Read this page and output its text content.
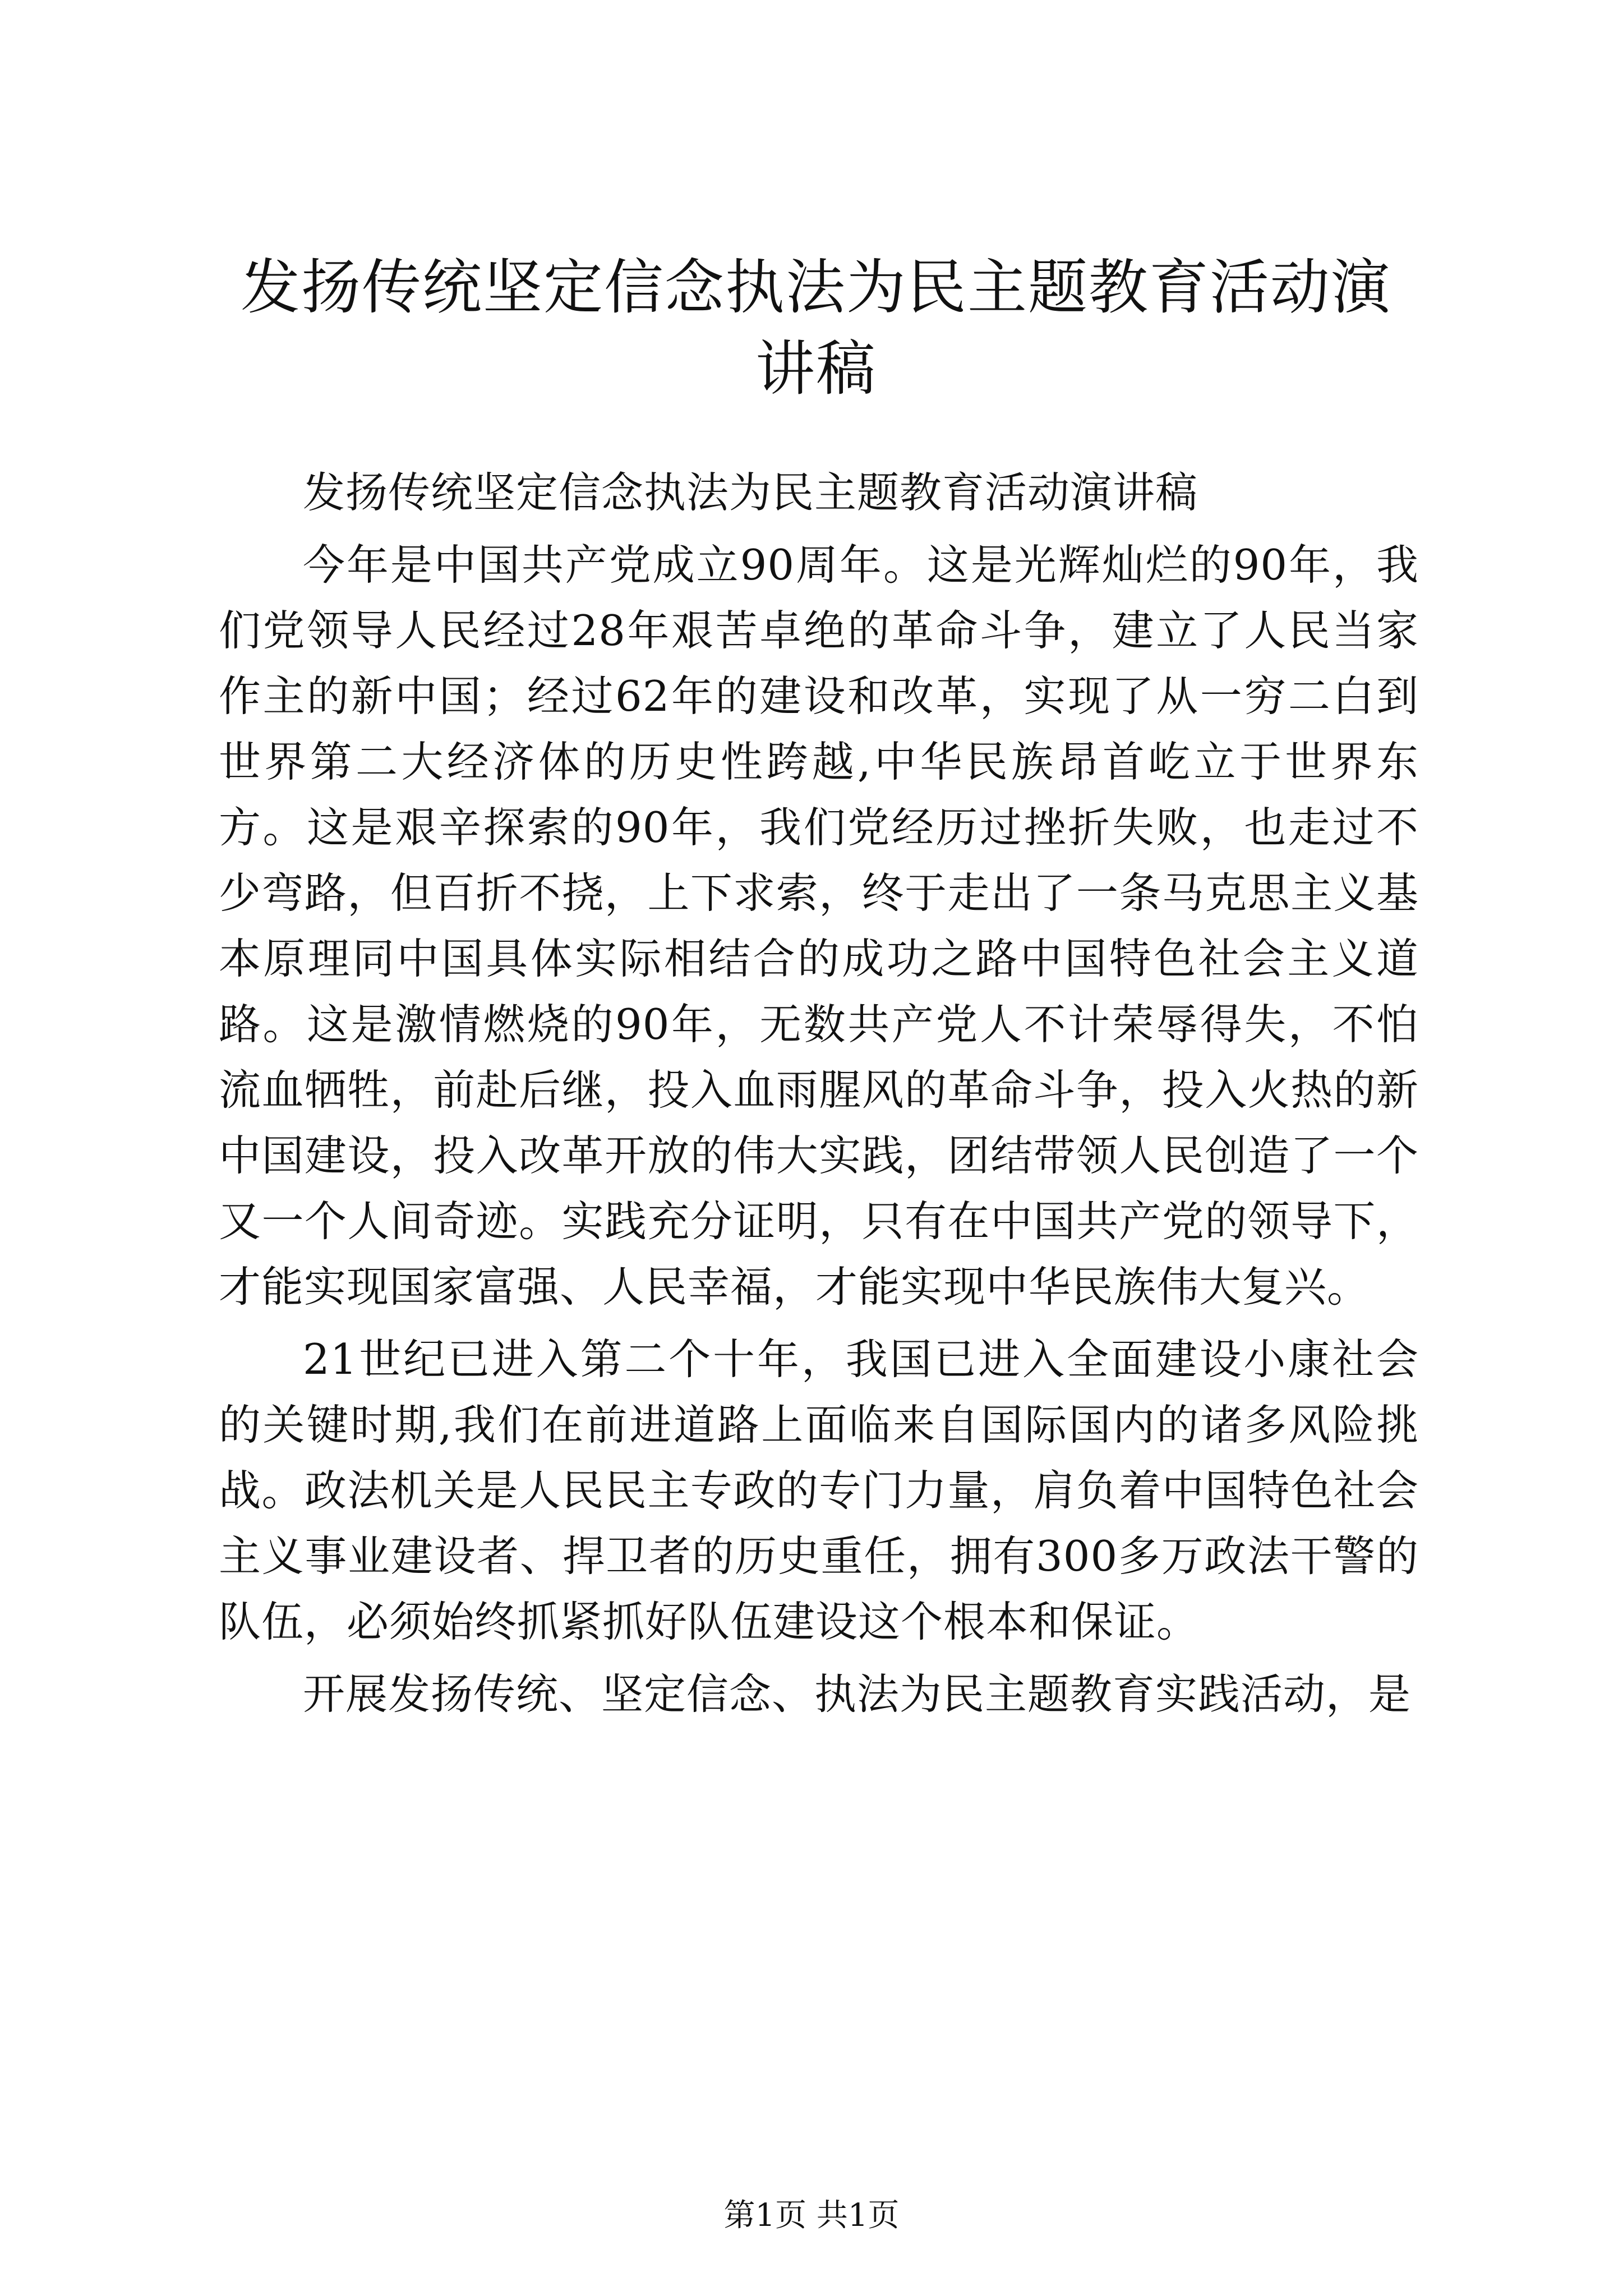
发扬传统坚定信念执法为民主题教育活动演讲稿

发扬传统坚定信念执法为民主题教育活动演讲稿

今年是中国共产党成立90周年。这是光辉灿烂的90年，我们党领导人民经过28年艰苦卓绝的革命斗争，建立了人民当家作主的新中国；经过62年的建设和改革，实现了从一穷二白到世界第二大经济体的历史性跨越,中华民族昂首屹立于世界东方。这是艰辛探索的90年，我们党经历过挫折失败，也走过不少弯路，但百折不挠，上下求索，终于走出了一条马克思主义基本原理同中国具体实际相结合的成功之路中国特色社会主义道路。这是激情燃烧的90年，无数共产党人不计荣辱得失，不怕流血牺牲，前赴后继，投入血雨腥风的革命斗争，投入火热的新中国建设，投入改革开放的伟大实践，团结带领人民创造了一个又一个人间奇迹。实践充分证明，只有在中国共产党的领导下，才能实现国家富强、人民幸福，才能实现中华民族伟大复兴。

21世纪已进入第二个十年，我国已进入全面建设小康社会的关键时期,我们在前进道路上面临来自国际国内的诸多风险挑战。政法机关是人民民主专政的专门力量，肩负着中国特色社会主义事业建设者、捍卫者的历史重任，拥有300多万政法干警的队伍，必须始终抓紧抓好队伍建设这个根本和保证。

开展发扬传统、坚定信念、执法为民主题教育实践活动，是

第1页 共1页
